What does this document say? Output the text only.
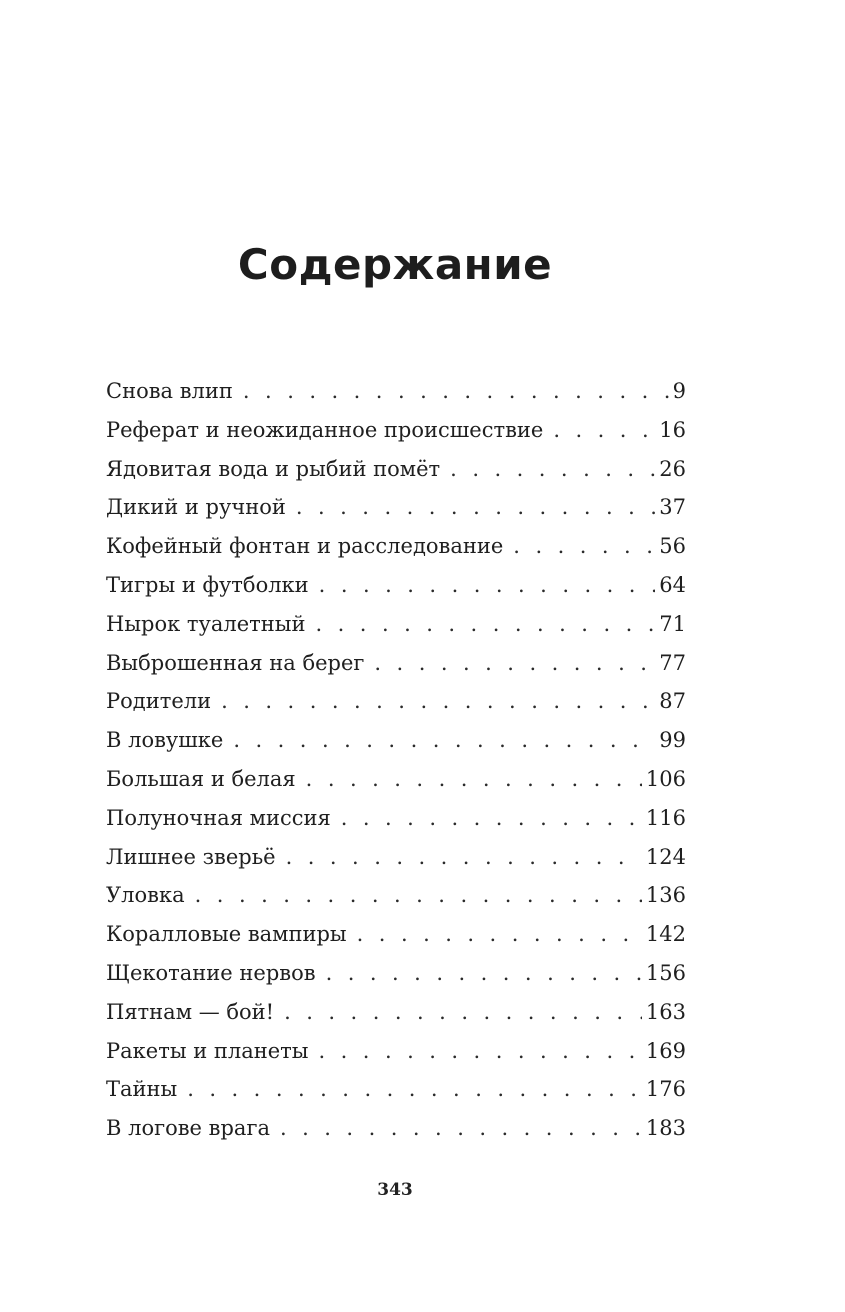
Содержание
Снова влип . . .	9
Реферат и неожиданное происшествие . . .	16
Ядовитая вода и рыбий помёт . . .	26
Дикий и ручной . . .	37
Кофейный фонтан и расследование . . .	56
Тигры и футболки . . .	64
Нырок туалетный . . .	71
Выброшенная на берег . . .	77
Родители . . .	87
В ловушке . . .	99
Большая и белая . . .	106
Полуночная миссия . . .	116
Лишнее зверьё . . .	124
Уловка . . .	136
Коралловые вампиры . . .	142
Щекотание нервов . . .	156
Пятнам — бой! . . .	163
Ракеты и планеты . . .	169
Тайны . . .	176
В логове врага . . .	183
343
